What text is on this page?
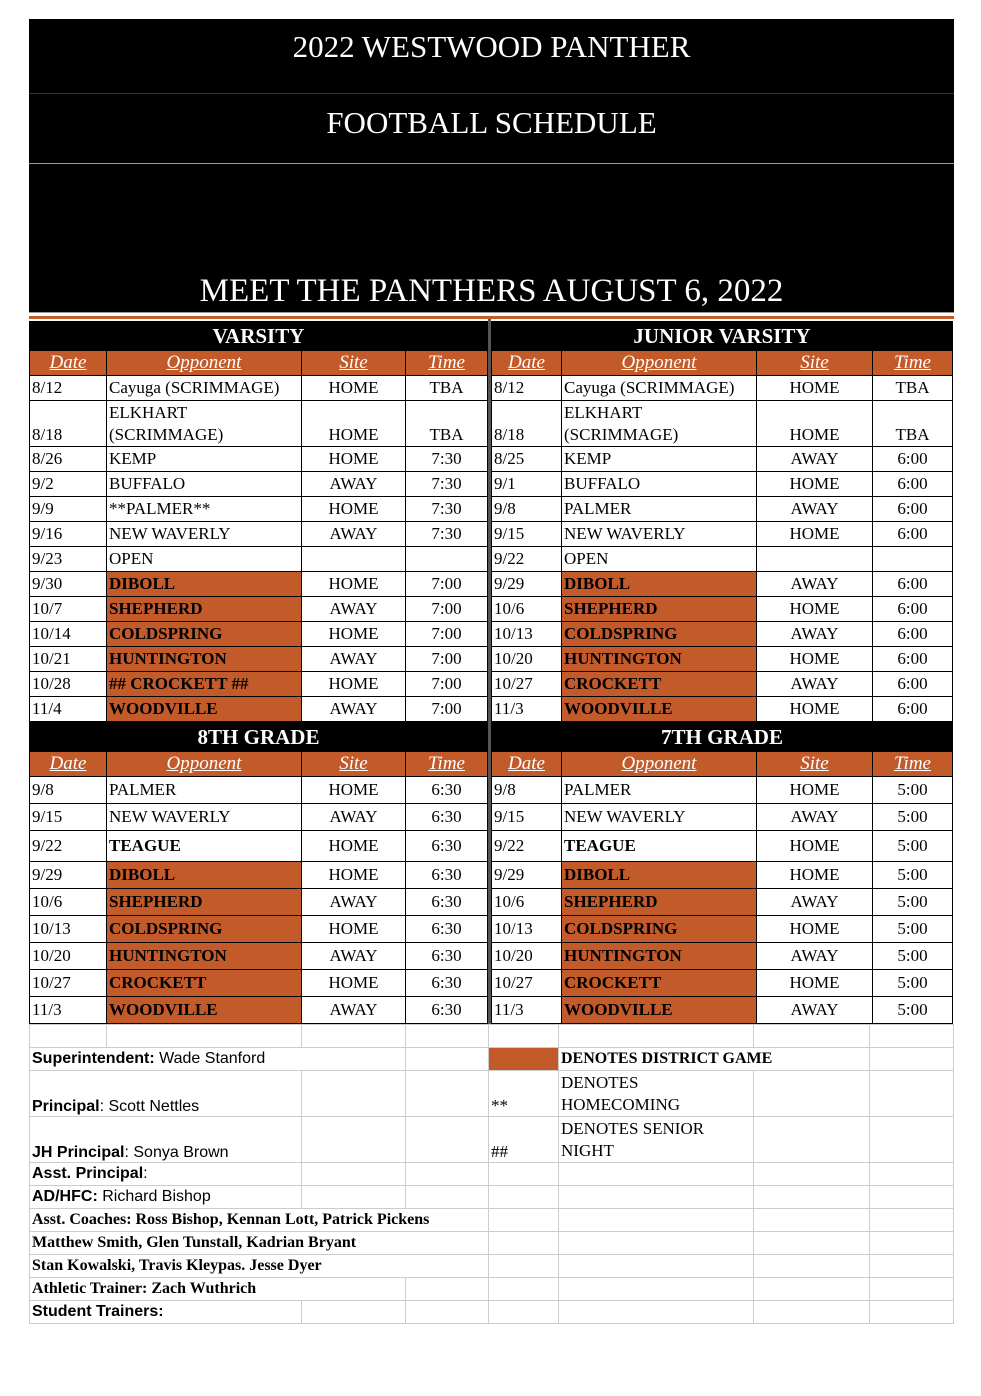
2022 WESTWOOD PANTHER
FOOTBALL SCHEDULE
MEET THE PANTHERS AUGUST 6, 2022
VARSITY
Date	Opponent	Site	Time
8/12	Cayuga (SCRIMMAGE)	HOME	TBA
8/18	ELKHART (SCRIMMAGE)	HOME	TBA
8/26	KEMP	HOME	7:30
9/2	BUFFALO	AWAY	7:30
9/9	**PALMER**	HOME	7:30
9/16	NEW WAVERLY	AWAY	7:30
9/23	OPEN		
9/30	DIBOLL	HOME	7:00
10/7	SHEPHERD	AWAY	7:00
10/14	COLDSPRING	HOME	7:00
10/21	HUNTINGTON	AWAY	7:00
10/28	## CROCKETT ##	HOME	7:00
11/4	WOODVILLE	AWAY	7:00
JUNIOR VARSITY
Date	Opponent	Site	Time
8/12	Cayuga (SCRIMMAGE)	HOME	TBA
8/18	ELKHART (SCRIMMAGE)	HOME	TBA
8/25	KEMP	AWAY	6:00
9/1	BUFFALO	HOME	6:00
9/8	PALMER	AWAY	6:00
9/15	NEW WAVERLY	HOME	6:00
9/22	OPEN		
9/29	DIBOLL	AWAY	6:00
10/6	SHEPHERD	HOME	6:00
10/13	COLDSPRING	AWAY	6:00
10/20	HUNTINGTON	HOME	6:00
10/27	CROCKETT	AWAY	6:00
11/3	WOODVILLE	HOME	6:00
8TH GRADE
Date	Opponent	Site	Time
9/8	PALMER	HOME	6:30
9/15	NEW WAVERLY	AWAY	6:30
9/22	TEAGUE	HOME	6:30
9/29	DIBOLL	HOME	6:30
10/6	SHEPHERD	AWAY	6:30
10/13	COLDSPRING	HOME	6:30
10/20	HUNTINGTON	AWAY	6:30
10/27	CROCKETT	HOME	6:30
11/3	WOODVILLE	AWAY	6:30
7TH GRADE
Date	Opponent	Site	Time
9/8	PALMER	HOME	5:00
9/15	NEW WAVERLY	AWAY	5:00
9/22	TEAGUE	HOME	5:00
9/29	DIBOLL	HOME	5:00
10/6	SHEPHERD	AWAY	5:00
10/13	COLDSPRING	HOME	5:00
10/20	HUNTINGTON	AWAY	5:00
10/27	CROCKETT	HOME	5:00
11/3	WOODVILLE	AWAY	5:00

Superintendent: Wade Stanford					DENOTES DISTRICT GAME		
Principal: Scott Nettles				**	DENOTES HOMECOMING		
JH Principal: Sonya Brown				##	DENOTES SENIOR NIGHT		
Asst. Principal:							
AD/HFC: Richard Bishop							
Asst. Coaches: Ross Bishop, Kennan Lott, Patrick Pickens							
Matthew Smith, Glen Tunstall, Kadrian Bryant							
Stan Kowalski, Travis Kleypas. Jesse Dyer							
Athletic Trainer: Zach Wuthrich							
Student Trainers:							
